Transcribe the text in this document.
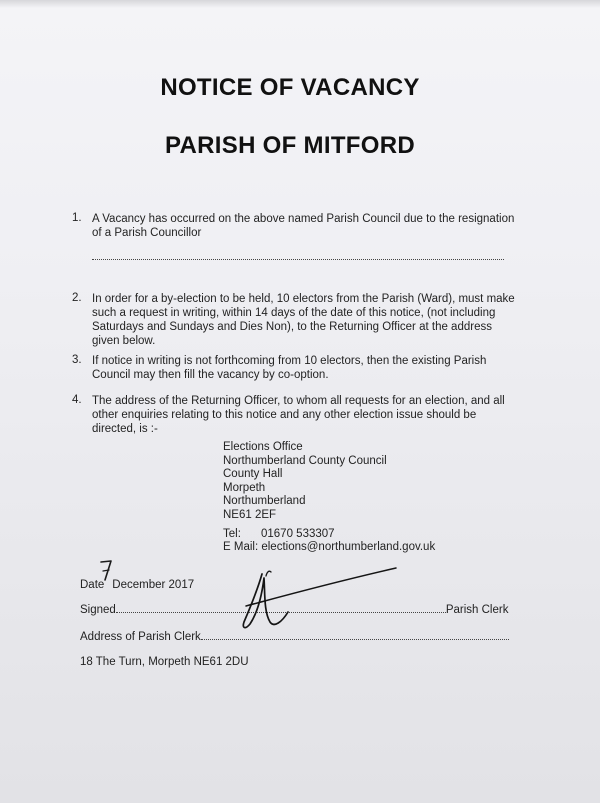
NOTICE OF VACANCY
PARISH OF MITFORD
1. A Vacancy has occurred on the above named Parish Council due to the resignation of a Parish Councillor
2. In order for a by-election to be held, 10 electors from the Parish (Ward), must make such a request in writing, within 14 days of the date of this notice, (not including Saturdays and Sundays and Dies Non), to the Returning Officer at the address given below.
3. If notice in writing is not forthcoming from 10 electors, then the existing Parish Council may then fill the vacancy by co-option.
4. The address of the Returning Officer, to whom all requests for an election, and all other enquiries relating to this notice and any other election issue should be directed, is :-
Elections Office
Northumberland County Council
County Hall
Morpeth
Northumberland
NE61 2EF
Tel: 01670 533307
E Mail: elections@northumberland.gov.uk
Date December 2017
Signed	Parish Clerk
Address of Parish Clerk
18 The Turn, Morpeth NE61 2DU
